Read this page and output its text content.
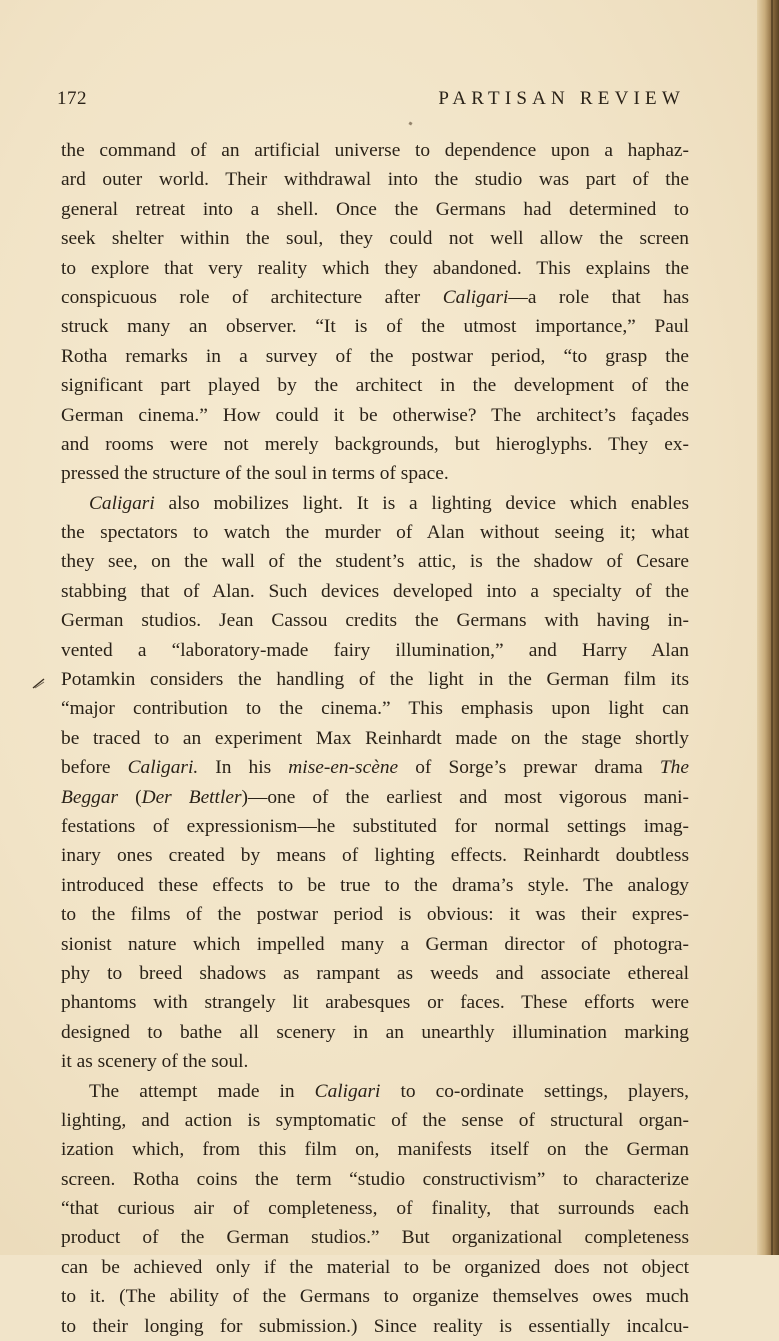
172	PARTISAN REVIEW
the command of an artificial universe to dependence upon a haphaz-
ard outer world. Their withdrawal into the studio was part of the
general retreat into a shell. Once the Germans had determined to
seek shelter within the soul, they could not well allow the screen
to explore that very reality which they abandoned. This explains the
conspicuous role of architecture after Caligari—a role that has
struck many an observer. “It is of the utmost importance,” Paul
Rotha remarks in a survey of the postwar period, “to grasp the
significant part played by the architect in the development of the
German cinema.” How could it be otherwise? The architect’s façades
and rooms were not merely backgrounds, but hieroglyphs. They ex-
pressed the structure of the soul in terms of space.
Caligari also mobilizes light. It is a lighting device which enables
the spectators to watch the murder of Alan without seeing it; what
they see, on the wall of the student’s attic, is the shadow of Cesare
stabbing that of Alan. Such devices developed into a specialty of the
German studios. Jean Cassou credits the Germans with having in-
vented a “laboratory-made fairy illumination,” and Harry Alan
Potamkin considers the handling of the light in the German film its
“major contribution to the cinema.” This emphasis upon light can
be traced to an experiment Max Reinhardt made on the stage shortly
before Caligari. In his mise-en-scène of Sorge’s prewar drama The
Beggar (Der Bettler)—one of the earliest and most vigorous mani-
festations of expressionism—he substituted for normal settings imag-
inary ones created by means of lighting effects. Reinhardt doubtless
introduced these effects to be true to the drama’s style. The analogy
to the films of the postwar period is obvious: it was their expres-
sionist nature which impelled many a German director of photogra-
phy to breed shadows as rampant as weeds and associate ethereal
phantoms with strangely lit arabesques or faces. These efforts were
designed to bathe all scenery in an unearthly illumination marking
it as scenery of the soul.
The attempt made in Caligari to co-ordinate settings, players,
lighting, and action is symptomatic of the sense of structural organ-
ization which, from this film on, manifests itself on the German
screen. Rotha coins the term “studio constructivism” to characterize
“that curious air of completeness, of finality, that surrounds each
product of the German studios.” But organizational completeness
can be achieved only if the material to be organized does not object
to it. (The ability of the Germans to organize themselves owes much
to their longing for submission.) Since reality is essentially incalcu-
